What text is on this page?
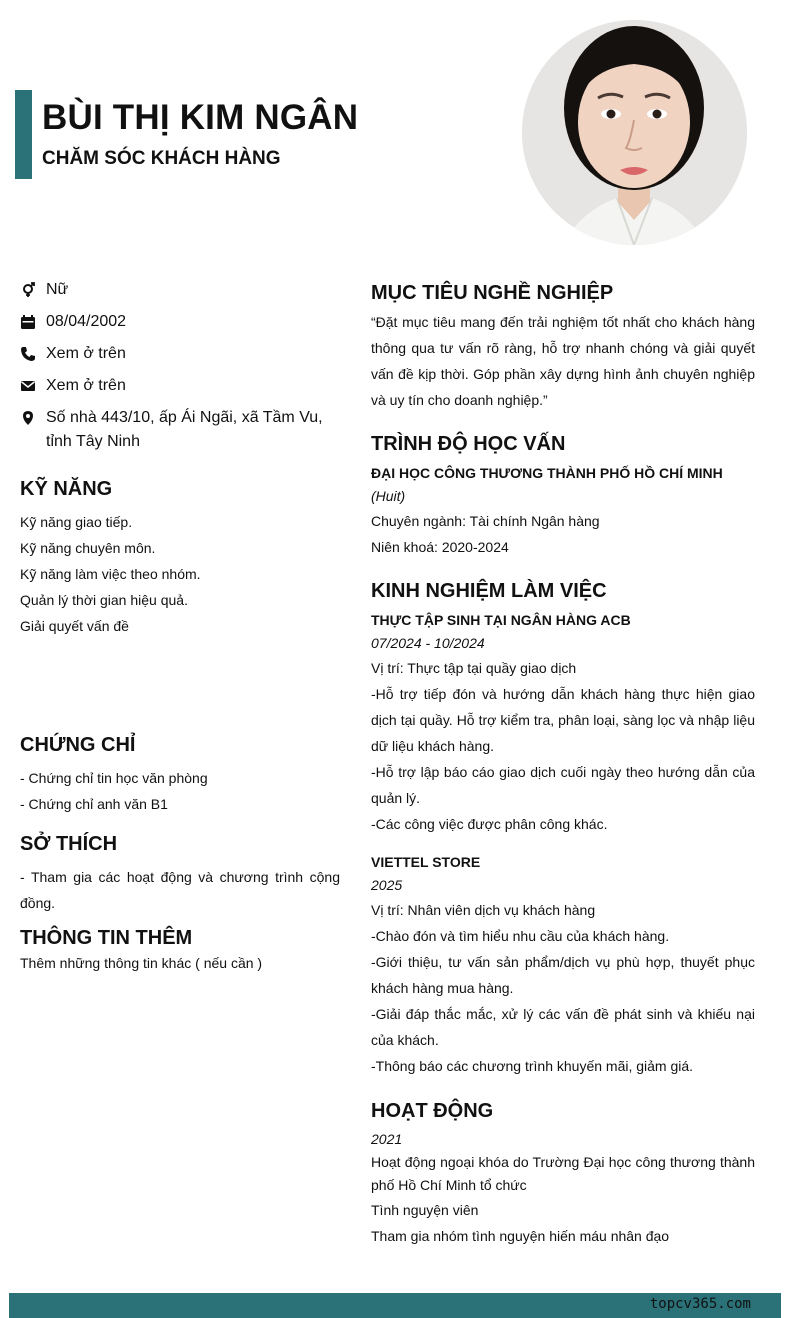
BÙI THỊ KIM NGÂN
CHĂM SÓC KHÁCH HÀNG
Nữ
08/04/2002
Xem ở trên
Xem ở trên
Số nhà 443/10, ấp Ái Ngãi, xã Tầm Vu, tỉnh Tây Ninh
KỸ NĂNG
Kỹ năng giao tiếp.
Kỹ năng chuyên môn.
Kỹ năng làm việc theo nhóm.
Quản lý thời gian hiệu quả.
Giải quyết vấn đề
CHỨNG CHỈ
- Chứng chỉ tin học văn phòng
- Chứng chỉ anh văn B1
SỞ THÍCH
- Tham gia các hoạt động và chương trình cộng đồng.
THÔNG TIN THÊM
Thêm những thông tin khác ( nếu cần )
MỤC TIÊU NGHỀ NGHIỆP
“Đặt mục tiêu mang đến trải nghiệm tốt nhất cho khách hàng thông qua tư vấn rõ ràng, hỗ trợ nhanh chóng và giải quyết vấn đề kịp thời. Góp phần xây dựng hình ảnh chuyên nghiệp và uy tín cho doanh nghiệp.”
TRÌNH ĐỘ HỌC VẤN
ĐẠI HỌC CÔNG THƯƠNG THÀNH PHỐ HỒ CHÍ MINH
(Huit)
Chuyên ngành: Tài chính Ngân hàng
Niên khoá: 2020-2024
KINH NGHIỆM LÀM VIỆC
THỰC TẬP SINH TẠI NGÂN HÀNG ACB
07/2024 - 10/2024
Vị trí: Thực tập tại quầy giao dịch
-Hỗ trợ tiếp đón và hướng dẫn khách hàng thực hiện giao dịch tại quầy. Hỗ trợ kiểm tra, phân loại, sàng lọc và nhập liệu dữ liệu khách hàng.
-Hỗ trợ lập báo cáo giao dịch cuối ngày theo hướng dẫn của quản lý.
-Các công việc được phân công khác.
VIETTEL STORE
2025
Vị trí: Nhân viên dịch vụ khách hàng
-Chào đón và tìm hiểu nhu cầu của khách hàng.
-Giới thiệu, tư vấn sản phẩm/dịch vụ phù hợp, thuyết phục khách hàng mua hàng.
-Giải đáp thắc mắc, xử lý các vấn đề phát sinh và khiếu nại của khách.
-Thông báo các chương trình khuyến mãi, giảm giá.
HOẠT ĐỘNG
2021
Hoạt động ngoại khóa do Trường Đại học công thương thành phố Hồ Chí Minh tổ chức
Tình nguyện viên
Tham gia nhóm tình nguyện hiến máu nhân đạo
topcv365.com
